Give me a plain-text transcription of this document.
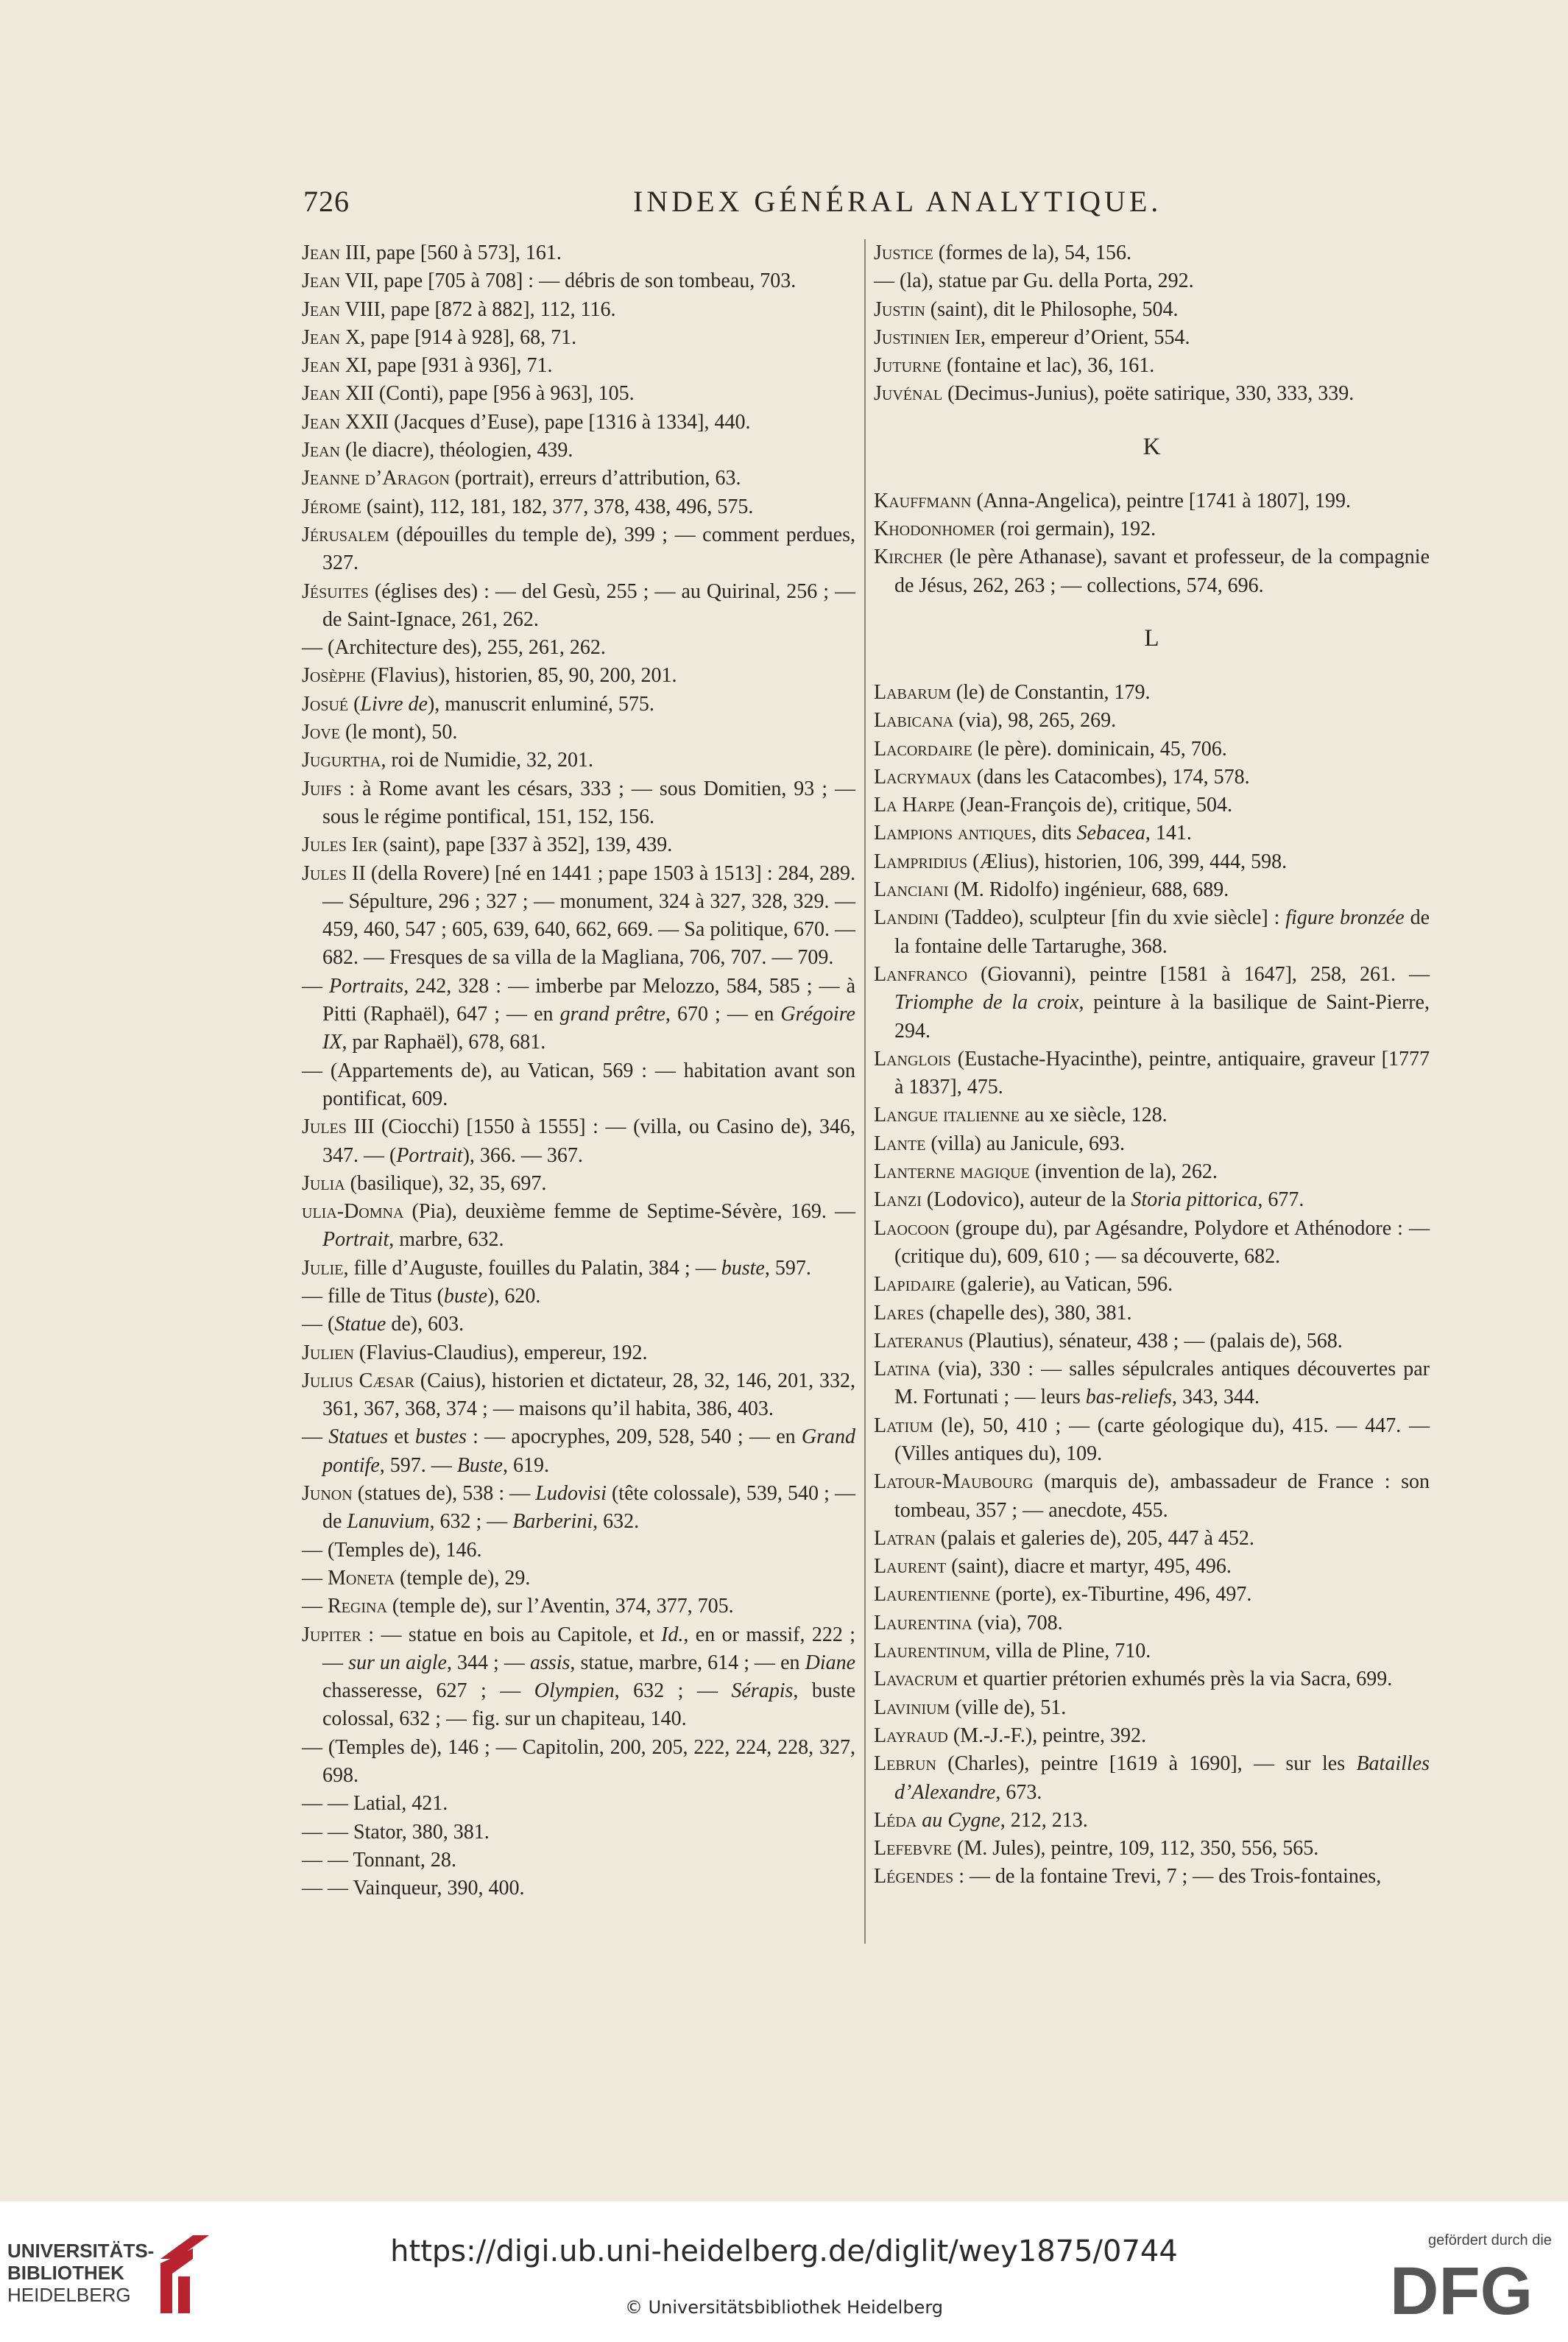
726	INDEX GÉNÉRAL ANALYTIQUE.

Jean III, pape [560 à 573], 161.

Jean VII, pape [705 à 708] : — débris de son tombeau, 703.

Jean VIII, pape [872 à 882], 112, 116.

Jean X, pape [914 à 928], 68, 71.

Jean XI, pape [931 à 936], 71.

Jean XII (Conti), pape [956 à 963], 105.

Jean XXII (Jacques d’Euse), pape [1316 à 1334], 440.

Jean (le diacre), théologien, 439.

Jeanne d’Aragon (portrait), erreurs d’attribution, 63.

Jérome (saint), 112, 181, 182, 377, 378, 438, 496, 575.

Jérusalem (dépouilles du temple de), 399 ; — comment perdues, 327.

Jésuites (églises des) : — del Gesù, 255 ; — au Quirinal, 256 ; — de Saint-Ignace, 261, 262.

— (Architecture des), 255, 261, 262.

Josèphe (Flavius), historien, 85, 90, 200, 201.

Josué (Livre de), manuscrit enluminé, 575.

Jove (le mont), 50.

Jugurtha, roi de Numidie, 32, 201.

Juifs : à Rome avant les césars, 333 ; — sous Domitien, 93 ; — sous le régime pontifical, 151, 152, 156.

Jules Ier (saint), pape [337 à 352], 139, 439.

Jules II (della Rovere) [né en 1441 ; pape 1503 à 1513] : 284, 289. — Sépulture, 296 ; 327 ; — monument, 324 à 327, 328, 329. — 459, 460, 547 ; 605, 639, 640, 662, 669. — Sa politique, 670. — 682. — Fresques de sa villa de la Magliana, 706, 707. — 709.

— Portraits, 242, 328 : — imberbe par Melozzo, 584, 585 ; — à Pitti (Raphaël), 647 ; — en grand prêtre, 670 ; — en Grégoire IX, par Raphaël), 678, 681.

— (Appartements de), au Vatican, 569 : — habitation avant son pontificat, 609.

Jules III (Ciocchi) [1550 à 1555] : — (villa, ou Casino de), 346, 347. — (Portrait), 366. — 367.

Julia (basilique), 32, 35, 697.

ulia-Domna (Pia), deuxième femme de Septime-Sévère, 169. — Portrait, marbre, 632.

Julie, fille d’Auguste, fouilles du Palatin, 384 ; — buste, 597.

— fille de Titus (buste), 620.

— (Statue de), 603.

Julien (Flavius-Claudius), empereur, 192.

Julius Cæsar (Caius), historien et dictateur, 28, 32, 146, 201, 332, 361, 367, 368, 374 ; — maisons qu’il habita, 386, 403.

— Statues et bustes : — apocryphes, 209, 528, 540 ; — en Grand pontife, 597. — Buste, 619.

Junon (statues de), 538 : — Ludovisi (tête colossale), 539, 540 ; — de Lanuvium, 632 ; — Barberini, 632.

— (Temples de), 146.

— Moneta (temple de), 29.

— Regina (temple de), sur l’Aventin, 374, 377, 705.

Jupiter : — statue en bois au Capitole, et Id., en or massif, 222 ; — sur un aigle, 344 ; — assis, statue, marbre, 614 ; — en Diane chasseresse, 627 ; — Olympien, 632 ; — Sérapis, buste colossal, 632 ; — fig. sur un chapiteau, 140.

— (Temples de), 146 ; — Capitolin, 200, 205, 222, 224, 228, 327, 698.

— — Latial, 421.

— — Stator, 380, 381.

— — Tonnant, 28.

— — Vainqueur, 390, 400.

Justice (formes de la), 54, 156.

— (la), statue par Gu. della Porta, 292.

Justin (saint), dit le Philosophe, 504.

Justinien Ier, empereur d’Orient, 554.

Juturne (fontaine et lac), 36, 161.

Juvénal (Decimus-Junius), poëte satirique, 330, 333, 339.

K

Kauffmann (Anna-Angelica), peintre [1741 à 1807], 199.

Khodonhomer (roi germain), 192.

Kircher (le père Athanase), savant et professeur, de la compagnie de Jésus, 262, 263 ; — collections, 574, 696.

L

Labarum (le) de Constantin, 179.

Labicana (via), 98, 265, 269.

Lacordaire (le père). dominicain, 45, 706.

Lacrymaux (dans les Catacombes), 174, 578.

La Harpe (Jean-François de), critique, 504.

Lampions antiques, dits Sebacea, 141.

Lampridius (Ælius), historien, 106, 399, 444, 598.

Lanciani (M. Ridolfo) ingénieur, 688, 689.

Landini (Taddeo), sculpteur [fin du xvie siècle] : figure bronzée de la fontaine delle Tartarughe, 368.

Lanfranco (Giovanni), peintre [1581 à 1647], 258, 261. — Triomphe de la croix, peinture à la basilique de Saint-Pierre, 294.

Langlois (Eustache-Hyacinthe), peintre, antiquaire, graveur [1777 à 1837], 475.

Langue italienne au xe siècle, 128.

Lante (villa) au Janicule, 693.

Lanterne magique (invention de la), 262.

Lanzi (Lodovico), auteur de la Storia pittorica, 677.

Laocoon (groupe du), par Agésandre, Polydore et Athénodore : — (critique du), 609, 610 ; — sa découverte, 682.

Lapidaire (galerie), au Vatican, 596.

Lares (chapelle des), 380, 381.

Lateranus (Plautius), sénateur, 438 ; — (palais de), 568.

Latina (via), 330 : — salles sépulcrales antiques découvertes par M. Fortunati ; — leurs bas-reliefs, 343, 344.

Latium (le), 50, 410 ; — (carte géologique du), 415. — 447. — (Villes antiques du), 109.

Latour-Maubourg (marquis de), ambassadeur de France : son tombeau, 357 ; — anecdote, 455.

Latran (palais et galeries de), 205, 447 à 452.

Laurent (saint), diacre et martyr, 495, 496.

Laurentienne (porte), ex-Tiburtine, 496, 497.

Laurentina (via), 708.

Laurentinum, villa de Pline, 710.

Lavacrum et quartier prétorien exhumés près la via Sacra, 699.

Lavinium (ville de), 51.

Layraud (M.-J.-F.), peintre, 392.

Lebrun (Charles), peintre [1619 à 1690], — sur les Batailles d’Alexandre, 673.

Léda au Cygne, 212, 213.

Lefebvre (M. Jules), peintre, 109, 112, 350, 556, 565.

Légendes : — de la fontaine Trevi, 7 ; — des Trois-fontaines,

UNIVERSITÄTS-
BIBLIOTHEK
HEIDELBERG
https://digi.ub.uni-heidelberg.de/diglit/wey1875/0744
© Universitätsbibliothek Heidelberg
gefördert durch die
DFG
